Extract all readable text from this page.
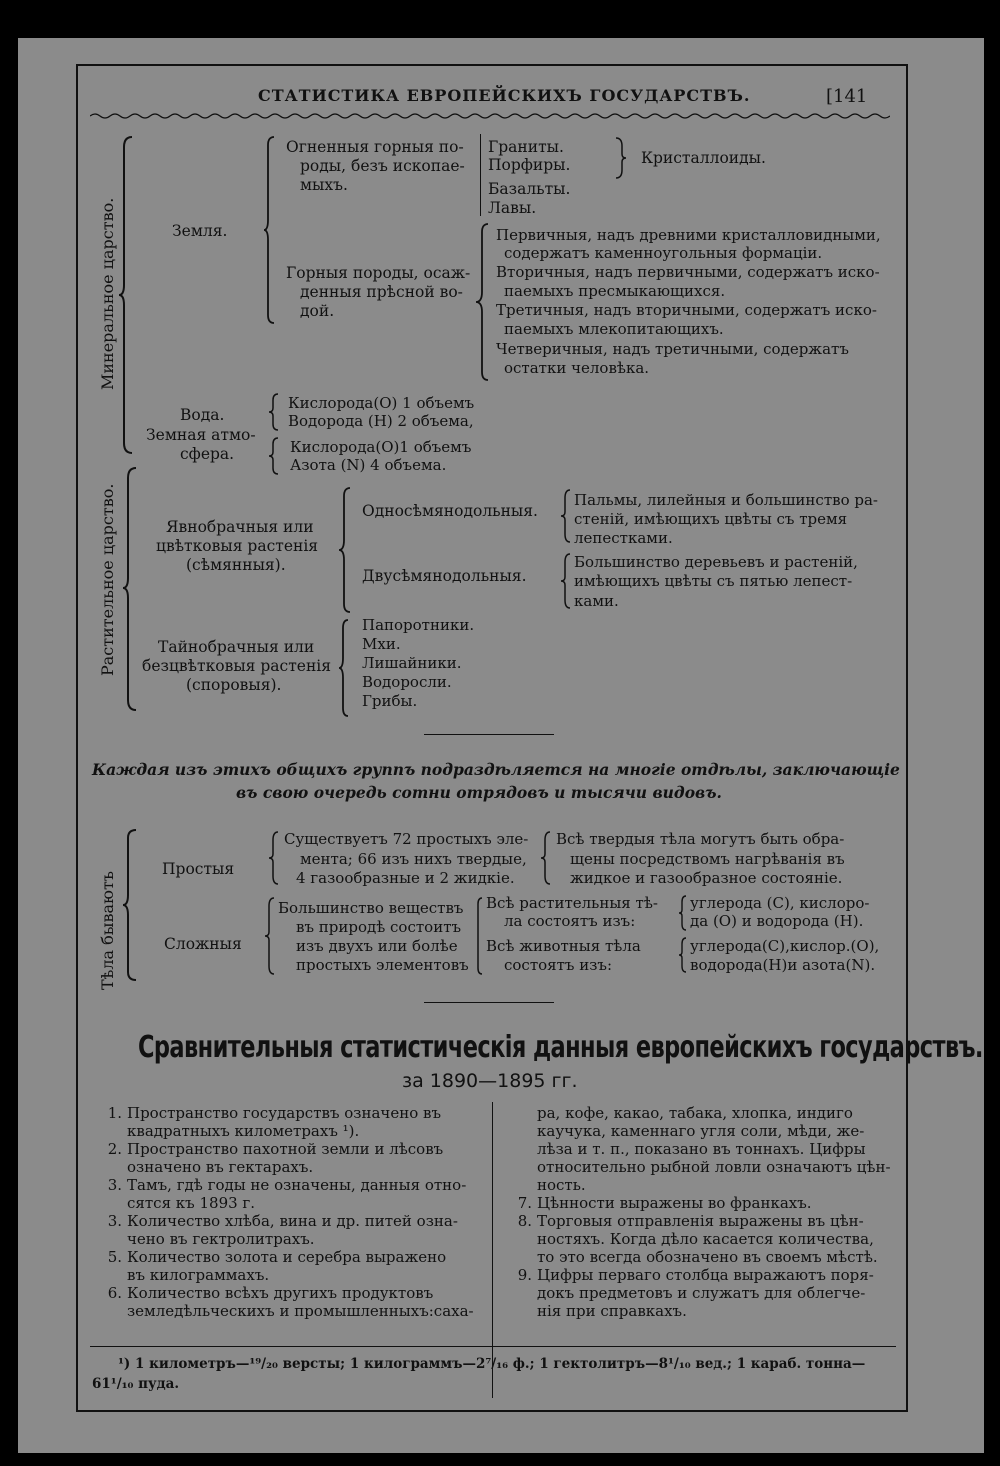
СТАТИСТИКА ЕВРОПЕЙСКИХЪ ГОСУДАРСТВЪ.	[141
Минеральное царство.	Земля.
Огненныя горныя по-
роды, безъ ископае-
мыхъ.
Граниты.
Порфиры.
Базальты.
Лавы.
Кристаллоиды.
Горныя породы, осаж-
денныя прѣсной во-
дой.
Первичныя, надъ древними кристалловидными,
содержатъ каменноугольныя формаціи.
Вторичныя, надъ первичными, содержатъ иско-
паемыхъ пресмыкающихся.
Третичныя, надъ вторичными, содержатъ иско-
паемыхъ млекопитающихъ.
Четверичныя, надъ третичными, содержатъ
остатки человѣка.
Вода.
Кислорода(О) 1 объемъ
Водорода (Н) 2 объема,
Земная атмо-
сфера.	Кислорода(О)1 объемъ
Азота (N) 4 объема.
Растительное царство.	Явнобрачныя или
цвѣтковыя растенія
(сѣмянныя).
Односѣмянодольныя.
Пальмы, лилейныя и большинство ра-
стеній, имѣющихъ цвѣты съ тремя
лепестками.
Двусѣмянодольныя.
Большинство деревьевъ и растеній,
имѣющихъ цвѣты съ пятью лепест-
ками.
Тайнобрачныя или
безцвѣтковыя растенія
(споровыя).
Папоротники.
Мхи.
Лишайники.
Водоросли.
Грибы.
Каждая изъ этихъ общихъ группъ подраздѣляется на многіе отдѣлы, заключающіе
въ свою очередь сотни отрядовъ и тысячи видовъ.
Тѣла бываютъ
Простыя
Существуетъ 72 простыхъ эле-
мента; 66 изъ нихъ твердые,
4 газообразные и 2 жидкіе.
Всѣ твердыя тѣла могутъ быть обра-
щены посредствомъ нагрѣванія въ
жидкое и газообразное состояніе.
Сложныя
Большинство веществъ
въ природѣ состоитъ
изъ двухъ или болѣе
простыхъ элементовъ
Всѣ растительныя тѣ-
ла состоятъ изъ:
углерода (С), кислоро-
да (О) и водорода (Н).
Всѣ животныя тѣла
состоятъ изъ:
углерода(С),кислор.(О),
водорода(Н)и азота(N).
Сравнительныя статистическія данныя европейскихъ государствъ.
за 1890—1895 гг.
1. Пространство государствъ означено въ
квадратныхъ километрахъ ¹).
2. Пространство пахотной земли и лѣсовъ
означено въ гектарахъ.
3. Тамъ, гдѣ годы не означены, данныя отно-
сятся къ 1893 г.
3. Количество хлѣба, вина и др. питей озна-
чено въ гектролитрахъ.
5. Количество золота и серебра выражено
въ килограммахъ.
6. Количество всѣхъ другихъ продуктовъ
земледѣльческихъ и промышленныхъ:саха-
ра, кофе, какао, табака, хлопка, индиго
каучука, каменнаго угля соли, мѣди, же-
лѣза и т. п., показано въ тоннахъ. Цифры
относительно рыбной ловли означаютъ цѣн-
ность.
7. Цѣнности выражены во франкахъ.
8. Торговыя отправленія выражены въ цѣн-
ностяхъ. Когда дѣло касается количества,
то это всегда обозначено въ своемъ мѣстѣ.
9. Цифры перваго столбца выражаютъ поря-
докъ предметовъ и служатъ для облегче-
нія при справкахъ.
¹) 1 километръ—¹⁹/₂₀ версты; 1 килограммъ—2⁷/₁₆ ф.; 1 гектолитръ—8¹/₁₀ вед.; 1 караб. тонна—
61¹/₁₀ пуда.
